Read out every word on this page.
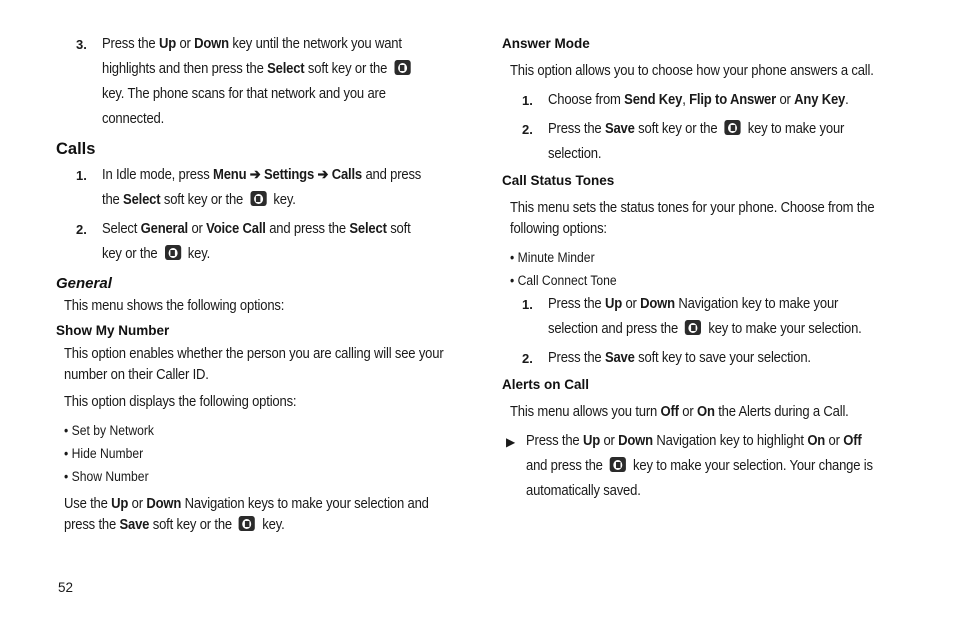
3.	Press the Up or Down key until the network you want highlights and then press the Select soft key or the  key. The phone scans for that network and you are connected.
Calls
1.	In Idle mode, press Menu ➔ Settings ➔ Calls and press the Select soft key or the  key.
2.	Select General or Voice Call and press the Select soft key or the  key.
General
This menu shows the following options:
Show My Number
This option enables whether the person you are calling will see your number on their Caller ID.
This option displays the following options:
• Set by Network
• Hide Number
• Show Number
Use the Up or Down Navigation keys to make your selection and press the Save soft key or the  key.
Answer Mode
This option allows you to choose how your phone answers a call.
1.	Choose from Send Key, Flip to Answer or Any Key.
2.	Press the Save soft key or the  key to make your selection.
Call Status Tones
This menu sets the status tones for your phone. Choose from the following options:
• Minute Minder
• Call Connect Tone
1.	Press the Up or Down Navigation key to make your selection and press the  key to make your selection.
2.	Press the Save soft key to save your selection.
Alerts on Call
This menu allows you turn Off or On the Alerts during a Call.
▶ Press the Up or Down Navigation key to highlight On or Off and press the  key to make your selection. Your change is automatically saved.
52
